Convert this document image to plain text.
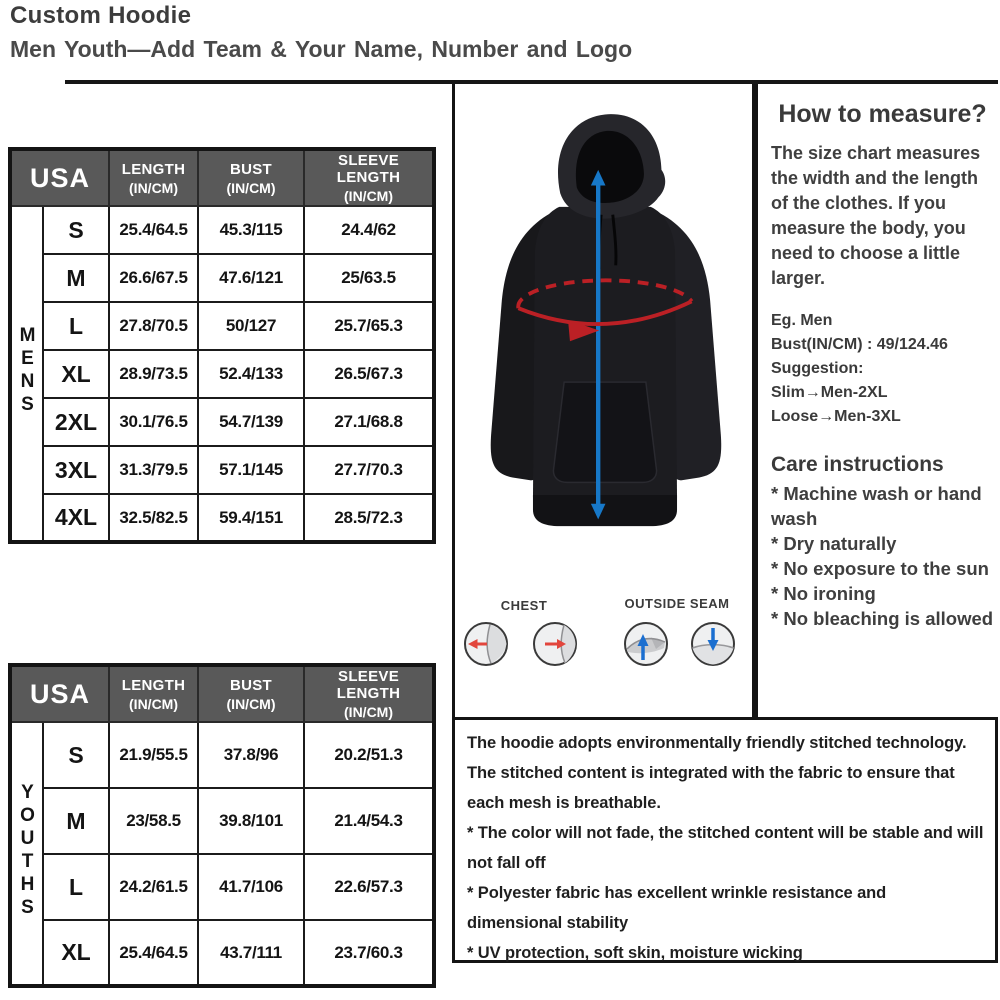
Custom Hoodie
Men Youth—Add Team & Your Name, Number and Logo
USA	LENGTH
(IN/CM)

BUST
(IN/CM)

SLEEVE LENGTH
(IN/CM)

MENS	S	25.4/64.5	45.3/115	24.4/62
	M	26.6/67.5	47.6/121	25/63.5
	L	27.8/70.5	50/127	25.7/65.3
	XL	28.9/73.5	52.4/133	26.5/67.3
	2XL	30.1/76.5	54.7/139	27.1/68.8
	3XL	31.3/79.5	57.1/145	27.7/70.3
	4XL	32.5/82.5	59.4/151	28.5/72.3
USA	LENGTH
(IN/CM)

BUST
(IN/CM)

SLEEVE LENGTH
(IN/CM)

YOUTHS	S	21.9/55.5	37.8/96	20.2/51.3
	M	23/58.5	39.8/101	21.4/54.3
	L	24.2/61.5	41.7/106	22.6/57.3
	XL	25.4/64.5	43.7/111	23.7/60.3
CHEST	OUTSIDE SEAM
How to measure?
The size chart measures the width and the length of the clothes. If you measure the body, you need to choose a little larger.
Eg. Men
Bust(IN/CM) : 49/124.46
Suggestion:
Slim→Men-2XL
Loose→Men-3XL
Care instructions
* Machine wash or hand wash
* Dry naturally
* No exposure to the sun
* No ironing
* No bleaching is allowed
The hoodie adopts environmentally friendly stitched technology. The stitched content is integrated with the fabric to ensure that each mesh is breathable.
* The color will not fade, the stitched content will be stable and will not fall off
* Polyester fabric has excellent wrinkle resistance and dimensional stability
* UV protection, soft skin, moisture wicking
